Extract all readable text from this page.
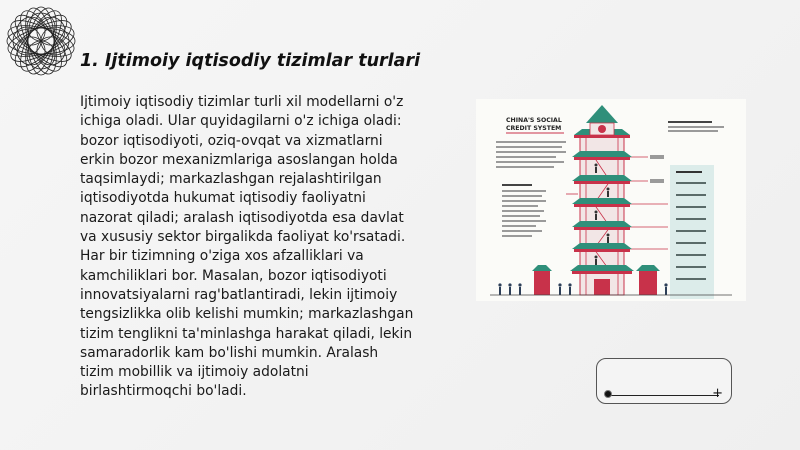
1. Ijtimoiy iqtisodiy tizimlar turlari

Ijtimoiy iqtisodiy tizimlar turli xil modellarni o'z ichiga oladi. Ular quyidagilarni o'z ichiga oladi: bozor iqtisodiyoti, oziq-ovqat va xizmatlarni erkin bozor mexanizmlariga asoslangan holda taqsimlaydi; markazlashgan rejalashtirilgan iqtisodiyotda hukumat iqtisodiy faoliyatni nazorat qiladi; aralash iqtisodiyotda esa davlat va xususiy sektor birgalikda faoliyat ko'rsatadi. Har bir tizimning o'ziga xos afzalliklari va kamchiliklari bor. Masalan, bozor iqtisodiyoti innovatsiyalarni rag'batlantiradi, lekin ijtimoiy tengsizlikka olib kelishi mumkin; markazlashgan tizim tenglikni ta'minlashga harakat qiladi, lekin samaradorlik kam bo'lishi mumkin. Aralash tizim mobillik va ijtimoiy adolatni birlashtirmoqchi bo'ladi.

CHINA'S SOCIAL
CREDIT SYSTEM
+
